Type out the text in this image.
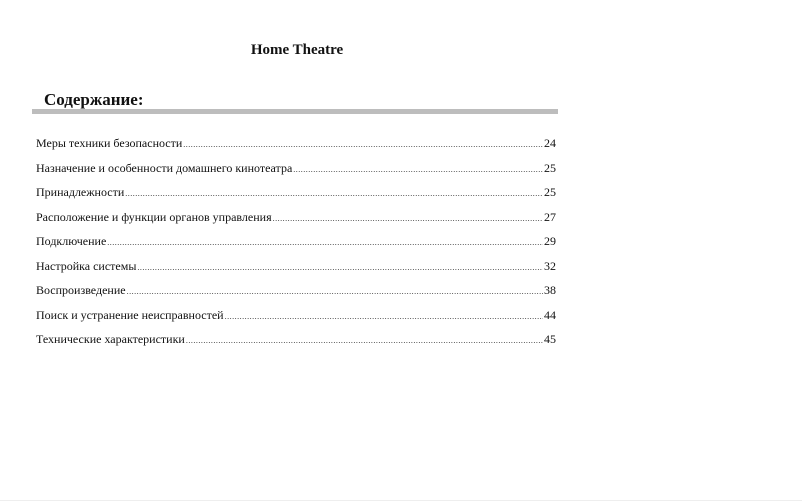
Home Theatre
Содержание:
Меры техники безопасности .....	24
Назначение и особенности домашнего кинотеатра .....	25
Принадлежности .....	25
Расположение и функции органов управления .....	27
Подключение .....	29
Настройка системы .....	32
Воспроизведение .....	38
Поиск и устранение неисправностей .....	44
Технические характеристики .....	45
